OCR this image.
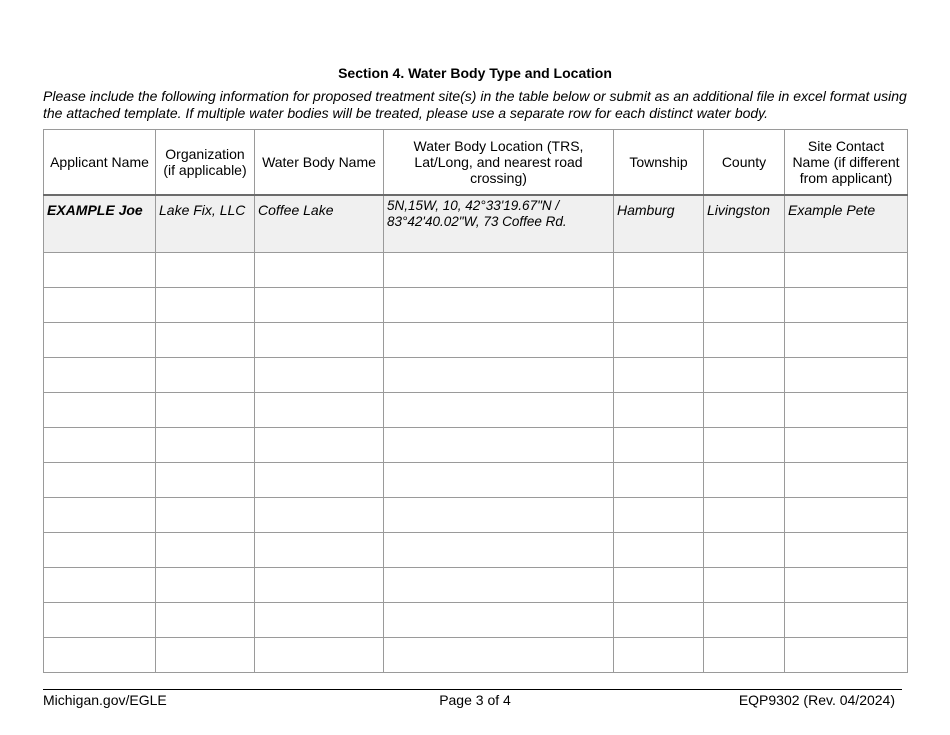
Section 4. Water Body Type and Location
Please include the following information for proposed treatment site(s) in the table below or submit as an additional file in excel format using the attached template. If multiple water bodies will be treated, please use a separate row for each distinct water body.
Applicant Name	Organization (if applicable)	Water Body Name	Water Body Location (TRS, Lat/Long, and nearest road crossing)	Township	County	Site Contact Name (if different from applicant)
EXAMPLE Joe	Lake Fix, LLC	Coffee Lake	5N,15W, 10, 42°33'19.67"N / 83°42'40.02"W, 73 Coffee Rd.	Hamburg	Livingston	Example Pete

Michigan.gov/EGLE	Page 3 of 4	EQP9302 (Rev. 04/2024)
